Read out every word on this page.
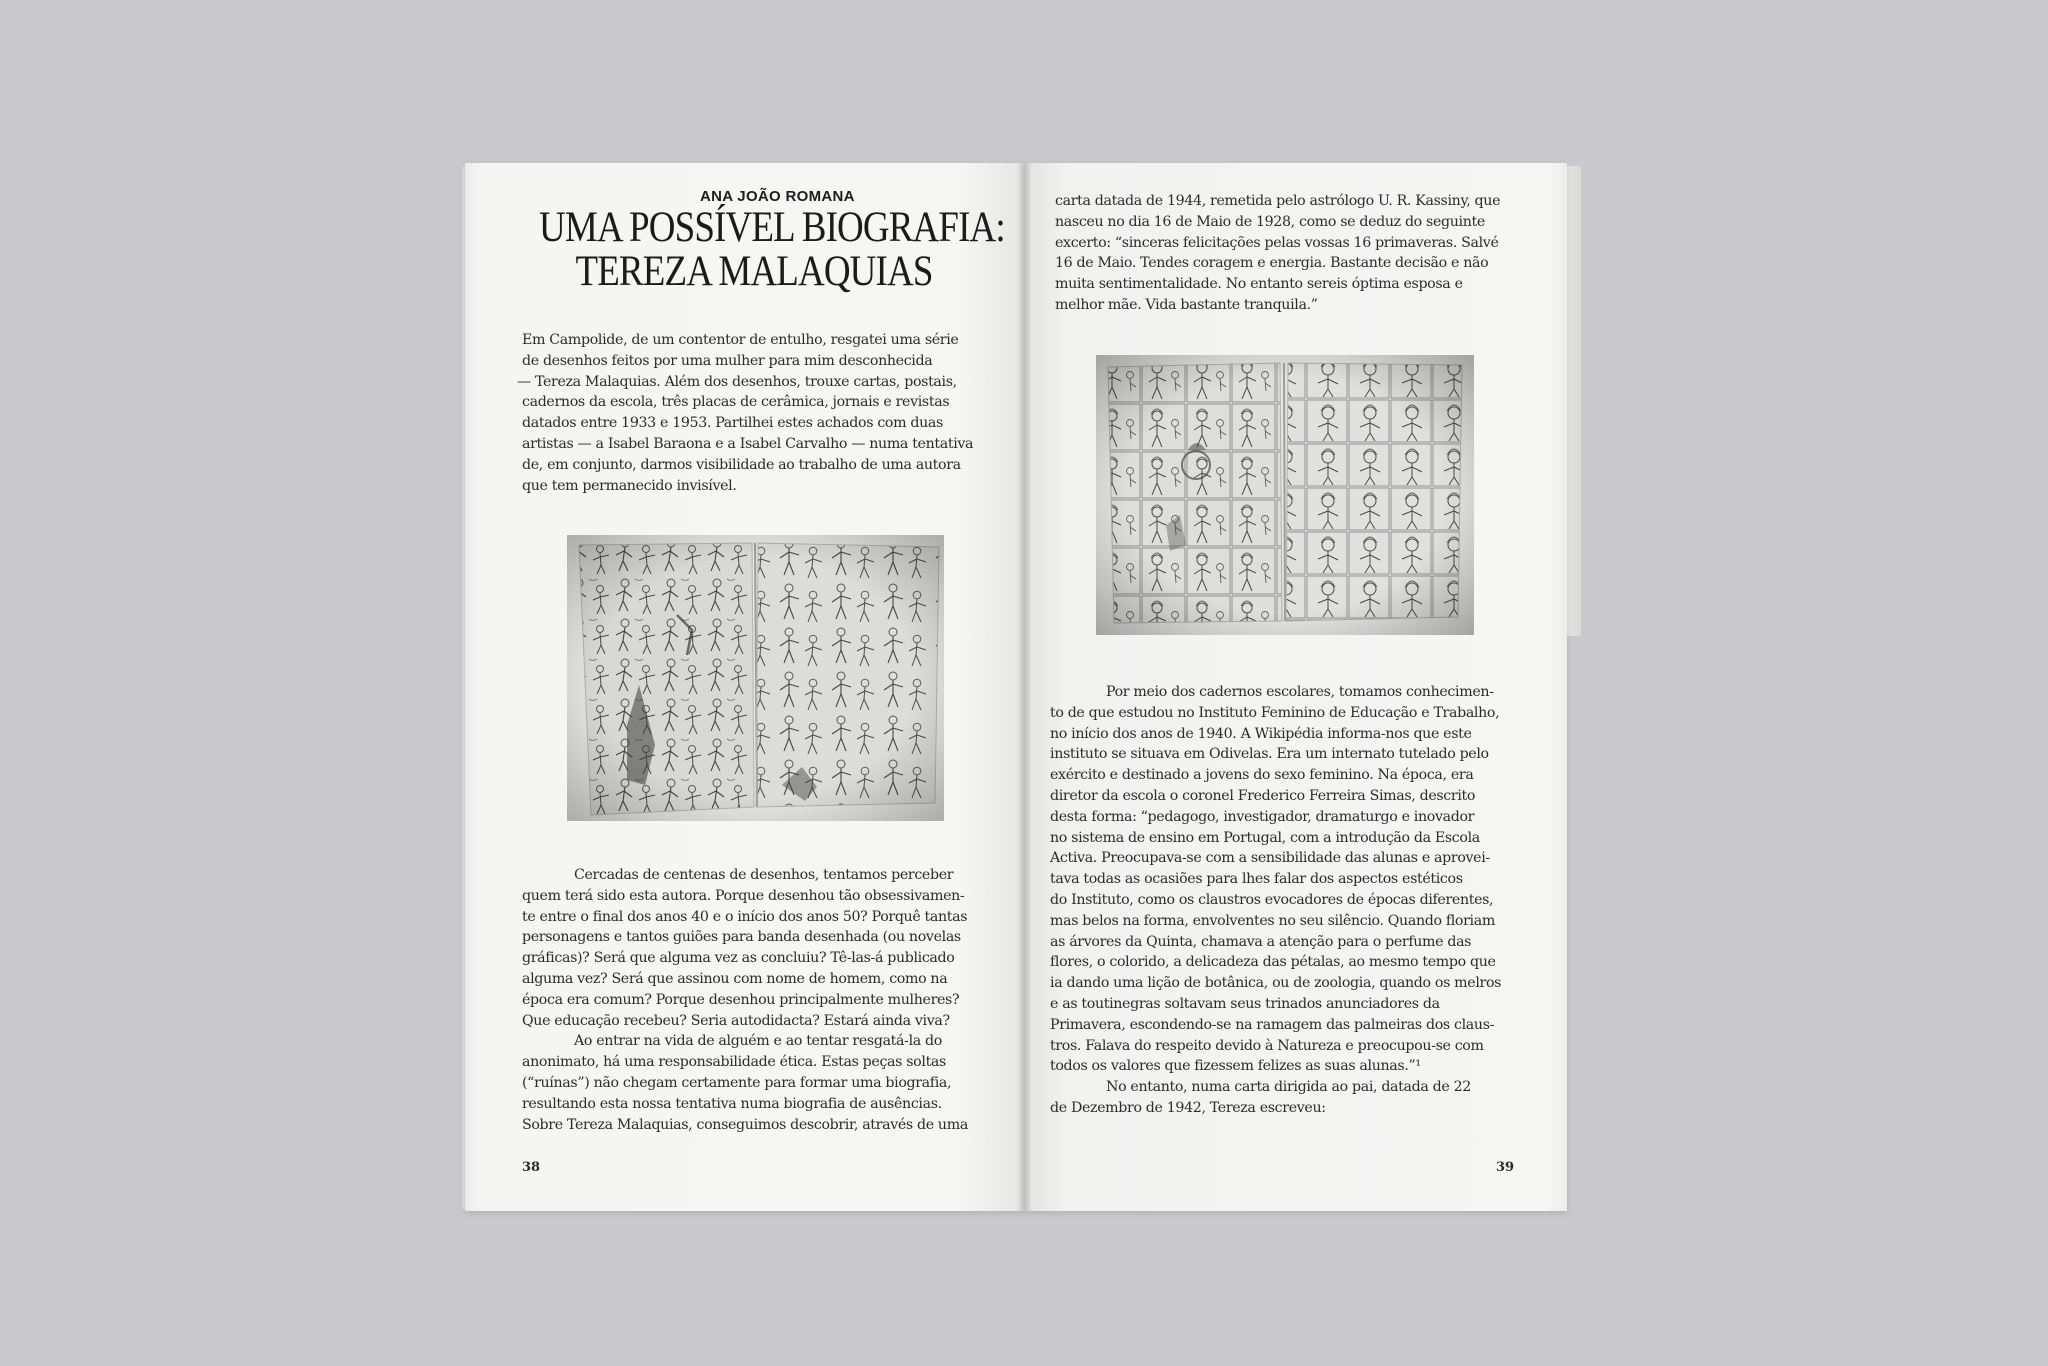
ANA JOÃO ROMANA
UMA POSSÍVEL BIOGRAFIA:
TEREZA MALAQUIAS
Em Campolide, de um contentor de entulho, resgatei uma série
de desenhos feitos por uma mulher para mim desconhecida
— Tereza Malaquias. Além dos desenhos, trouxe cartas, postais,
cadernos da escola, três placas de cerâmica, jornais e revistas
datados entre 1933 e 1953. Partilhei estes achados com duas
artistas — a Isabel Baraona e a Isabel Carvalho — numa tentativa
de, em conjunto, darmos visibilidade ao trabalho de uma autora
que tem permanecido invisível.
Cercadas de centenas de desenhos, tentamos perceber
quem terá sido esta autora. Porque desenhou tão obsessivamen-
te entre o final dos anos 40 e o início dos anos 50? Porquê tantas
personagens e tantos guiões para banda desenhada (ou novelas
gráficas)? Será que alguma vez as concluiu? Tê-las-á publicado
alguma vez? Será que assinou com nome de homem, como na
época era comum? Porque desenhou principalmente mulheres?
Que educação recebeu? Seria autodidacta? Estará ainda viva?
Ao entrar na vida de alguém e ao tentar resgatá-la do
anonimato, há uma responsabilidade ética. Estas peças soltas
(“ruínas”) não chegam certamente para formar uma biografia,
resultando esta nossa tentativa numa biografia de ausências.
Sobre Tereza Malaquias, conseguimos descobrir, através de uma
38
carta datada de 1944, remetida pelo astrólogo U. R. Kassiny, que
nasceu no dia 16 de Maio de 1928, como se deduz do seguinte
excerto: “sinceras felicitações pelas vossas 16 primaveras. Salvé
16 de Maio. Tendes coragem e energia. Bastante decisão e não
muita sentimentalidade. No entanto sereis óptima esposa e
melhor mãe. Vida bastante tranquila.”
Por meio dos cadernos escolares, tomamos conhecimen-
to de que estudou no Instituto Feminino de Educação e Trabalho,
no início dos anos de 1940. A Wikipédia informa-nos que este
instituto se situava em Odivelas. Era um internato tutelado pelo
exército e destinado a jovens do sexo feminino. Na época, era
diretor da escola o coronel Frederico Ferreira Simas, descrito
desta forma: “pedagogo, investigador, dramaturgo e inovador
no sistema de ensino em Portugal, com a introdução da Escola
Activa. Preocupava-se com a sensibilidade das alunas e aprovei-
tava todas as ocasiões para lhes falar dos aspectos estéticos
do Instituto, como os claustros evocadores de épocas diferentes,
mas belos na forma, envolventes no seu silêncio. Quando floriam
as árvores da Quinta, chamava a atenção para o perfume das
flores, o colorido, a delicadeza das pétalas, ao mesmo tempo que
ia dando uma lição de botânica, ou de zoologia, quando os melros
e as toutinegras soltavam seus trinados anunciadores da
Primavera, escondendo-se na ramagem das palmeiras dos claus-
tros. Falava do respeito devido à Natureza e preocupou-se com
todos os valores que fizessem felizes as suas alunas.”¹
No entanto, numa carta dirigida ao pai, datada de 22
de Dezembro de 1942, Tereza escreveu:
39
